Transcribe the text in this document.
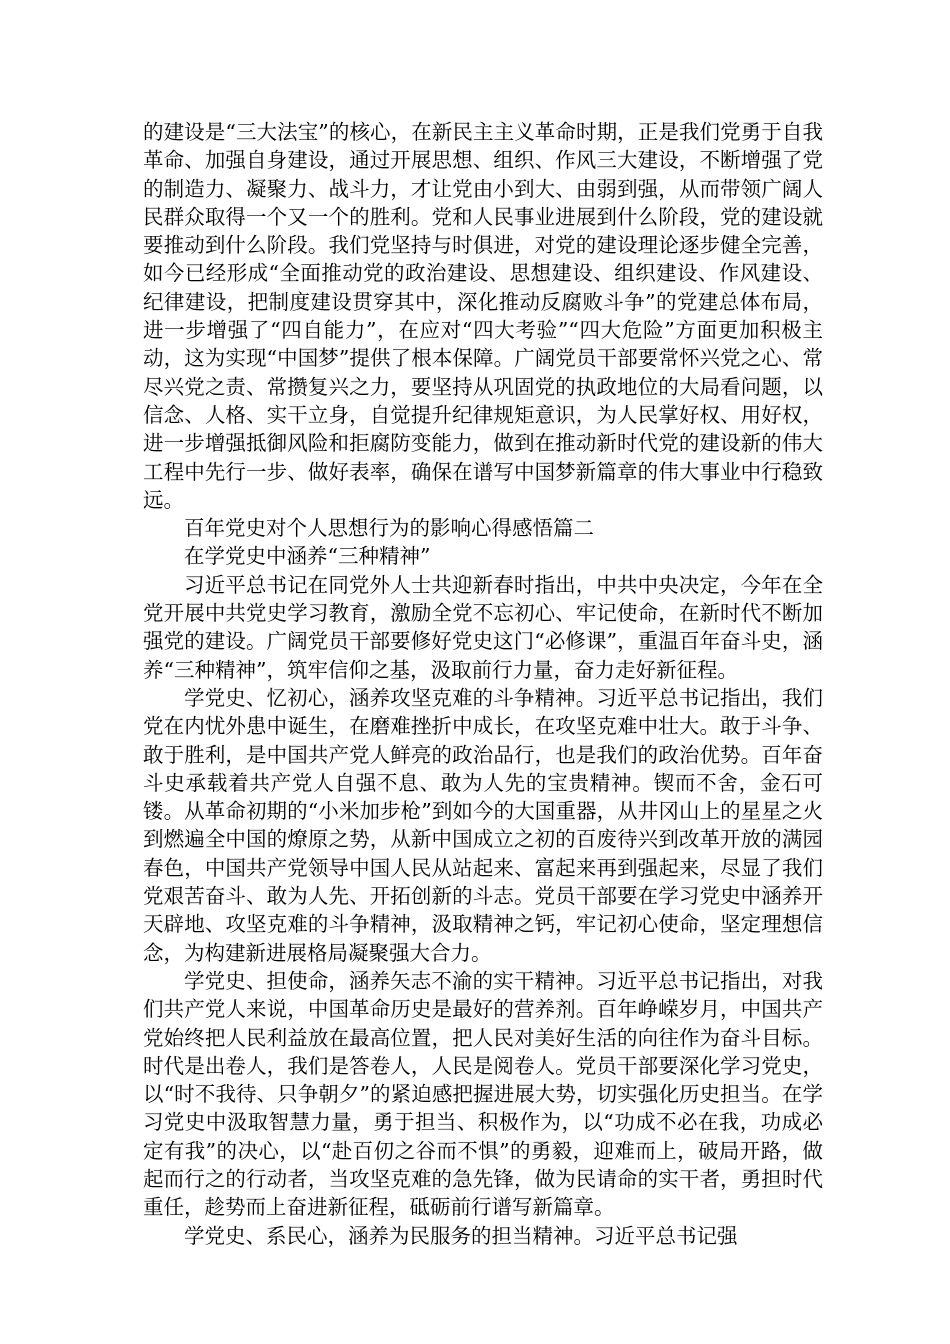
的建设是“三大法宝”的核心，在新民主主义革命时期，正是我们党勇于自我革命、加强自身建设，通过开展思想、组织、作风三大建设，不断增强了党的制造力、凝聚力、战斗力，才让党由小到大、由弱到强，从而带领广阔人民群众取得一个又一个的胜利。党和人民事业进展到什么阶段，党的建设就要推动到什么阶段。我们党坚持与时俱进，对党的建设理论逐步健全完善，如今已经形成“全面推动党的政治建设、思想建设、组织建设、作风建设、纪律建设，把制度建设贯穿其中，深化推动反腐败斗争”的党建总体布局，进一步增强了“四自能力”，在应对“四大考验”“四大危险”方面更加积极主动，这为实现“中国梦”提供了根本保障。广阔党员干部要常怀兴党之心、常尽兴党之责、常攒复兴之力，要坚持从巩固党的执政地位的大局看问题，以信念、人格、实干立身，自觉提升纪律规矩意识，为人民掌好权、用好权，进一步增强抵御风险和拒腐防变能力，做到在推动新时代党的建设新的伟大工程中先行一步、做好表率，确保在谱写中国梦新篇章的伟大事业中行稳致远。

百年党史对个人思想行为的影响心得感悟篇二

在学党史中涵养“三种精神”

习近平总书记在同党外人士共迎新春时指出，中共中央决定，今年在全党开展中共党史学习教育，激励全党不忘初心、牢记使命，在新时代不断加强党的建设。广阔党员干部要修好党史这门“必修课”，重温百年奋斗史，涵养“三种精神”，筑牢信仰之基，汲取前行力量，奋力走好新征程。

学党史、忆初心，涵养攻坚克难的斗争精神。习近平总书记指出，我们党在内忧外患中诞生，在磨难挫折中成长，在攻坚克难中壮大。敢于斗争、敢于胜利，是中国共产党人鲜亮的政治品行，也是我们的政治优势。百年奋斗史承载着共产党人自强不息、敢为人先的宝贵精神。锲而不舍，金石可镂。从革命初期的“小米加步枪”到如今的大国重器，从井冈山上的星星之火到燃遍全中国的燎原之势，从新中国成立之初的百废待兴到改革开放的满园春色，中国共产党领导中国人民从站起来、富起来再到强起来，尽显了我们党艰苦奋斗、敢为人先、开拓创新的斗志。党员干部要在学习党史中涵养开天辟地、攻坚克难的斗争精神，汲取精神之钙，牢记初心使命，坚定理想信念，为构建新进展格局凝聚强大合力。

学党史、担使命，涵养矢志不渝的实干精神。习近平总书记指出，对我们共产党人来说，中国革命历史是最好的营养剂。百年峥嵘岁月，中国共产党始终把人民利益放在最高位置，把人民对美好生活的向往作为奋斗目标。时代是出卷人，我们是答卷人，人民是阅卷人。党员干部要深化学习党史，以“时不我待、只争朝夕”的紧迫感把握进展大势，切实强化历史担当。在学习党史中汲取智慧力量，勇于担当、积极作为，以“功成不必在我，功成必定有我”的决心，以“赴百仞之谷而不惧”的勇毅，迎难而上，破局开路，做起而行之的行动者，当攻坚克难的急先锋，做为民请命的实干者，勇担时代重任，趁势而上奋进新征程，砥砺前行谱写新篇章。

学党史、系民心，涵养为民服务的担当精神。习近平总书记强
